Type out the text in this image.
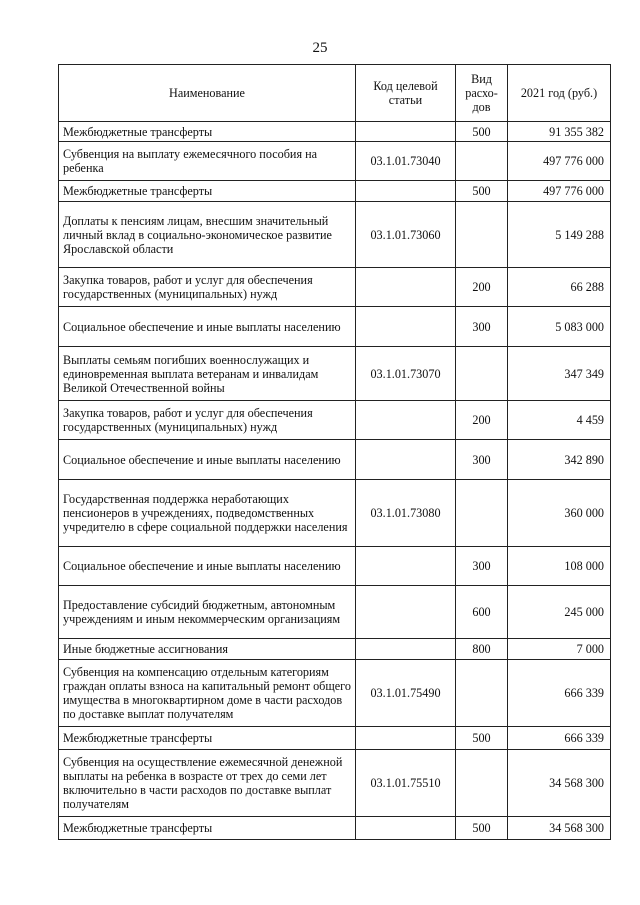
25
Наименование	Код целевой статьи	Вид расхо-дов	2021 год (руб.)
Межбюджетные трансферты		500	91 355 382
Субвенция на выплату ежемесячного пособия на ребенка	03.1.01.73040		497 776 000
Межбюджетные трансферты		500	497 776 000
Доплаты к пенсиям лицам, внесшим значительный личный вклад в социально-экономическое развитие Ярославской области	03.1.01.73060		5 149 288
Закупка товаров, работ и услуг для обеспечения государственных (муниципальных) нужд		200	66 288
Социальное обеспечение и иные выплаты населению		300	5 083 000
Выплаты семьям погибших военнослужащих и единовременная выплата ветеранам и инвалидам Великой Отечественной войны	03.1.01.73070		347 349
Закупка товаров, работ и услуг для обеспечения государственных (муниципальных) нужд		200	4 459
Социальное обеспечение и иные выплаты населению		300	342 890
Государственная поддержка неработающих пенсионеров в учреждениях, подведомственных учредителю в сфере социальной поддержки населения	03.1.01.73080		360 000
Социальное обеспечение и иные выплаты населению		300	108 000
Предоставление субсидий бюджетным, автономным учреждениям и иным некоммерческим организациям		600	245 000
Иные бюджетные ассигнования		800	7 000
Субвенция на компенсацию отдельным категориям граждан оплаты взноса на капитальный ремонт общего имущества в многоквартирном доме в части расходов по доставке выплат получателям	03.1.01.75490		666 339
Межбюджетные трансферты		500	666 339
Субвенция на осуществление ежемесячной денежной выплаты на ребенка в возрасте от трех до семи лет включительно в части расходов по доставке выплат получателям	03.1.01.75510		34 568 300
Межбюджетные трансферты		500	34 568 300
